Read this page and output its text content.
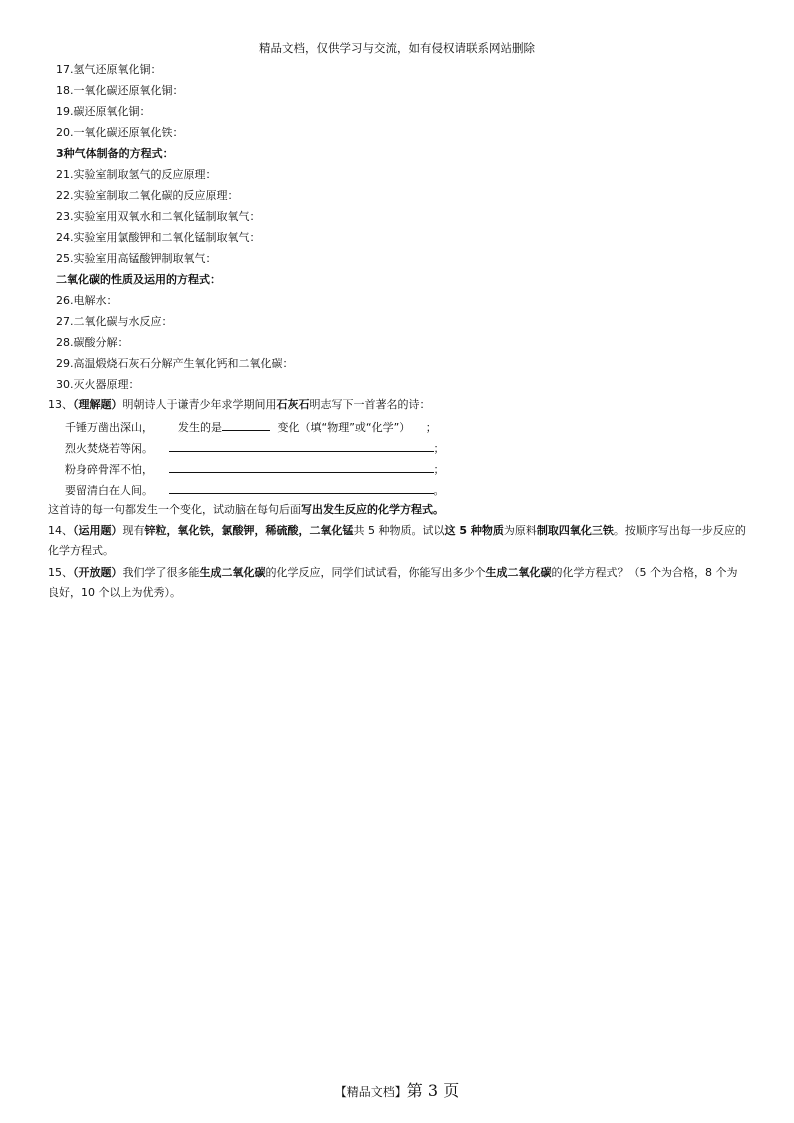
精品文档，仅供学习与交流，如有侵权请联系网站删除
17.氢气还原氧化铜：
18.一氧化碳还原氧化铜：
19.碳还原氧化铜：
20.一氧化碳还原氧化铁：
3种气体制备的方程式：
21.实验室制取氢气的反应原理：
22.实验室制取二氧化碳的反应原理：
23.实验室用双氧水和二氧化锰制取氧气：
24.实验室用氯酸钾和二氧化锰制取氧气：
25.实验室用高锰酸钾制取氧气：
二氧化碳的性质及运用的方程式：
26.电解水：
27.二氧化碳与水反应：
28.碳酸分解：
29.高温煅烧石灰石分解产生氧化钙和二氧化碳：
30.灭火器原理：
13、（理解题）明朝诗人于谦青少年求学期间用石灰石明志写下一首著名的诗：
千锤万凿出深山， 发生的是	变化（填“物理”或“化学”） ；
烈火焚烧若等闲。	；
粉身碎骨浑不怕，	；
要留清白在人间。	。
这首诗的每一句都发生一个变化，试动脑在每句后面写出发生反应的化学方程式。
14、（运用题）现有锌粒，氧化铁，氯酸钾，稀硫酸，二氧化锰共 5 种物质。试以这 5 种物质为原料制取四氧化三铁。按顺序写出每一步反应的化学方程式。
15、（开放题）我们学了很多能生成二氧化碳的化学反应，同学们试试看，你能写出多少个生成二氧化碳的化学方程式？（5 个为合格，8 个为良好，10 个以上为优秀）。
【精品文档】第 3 页
